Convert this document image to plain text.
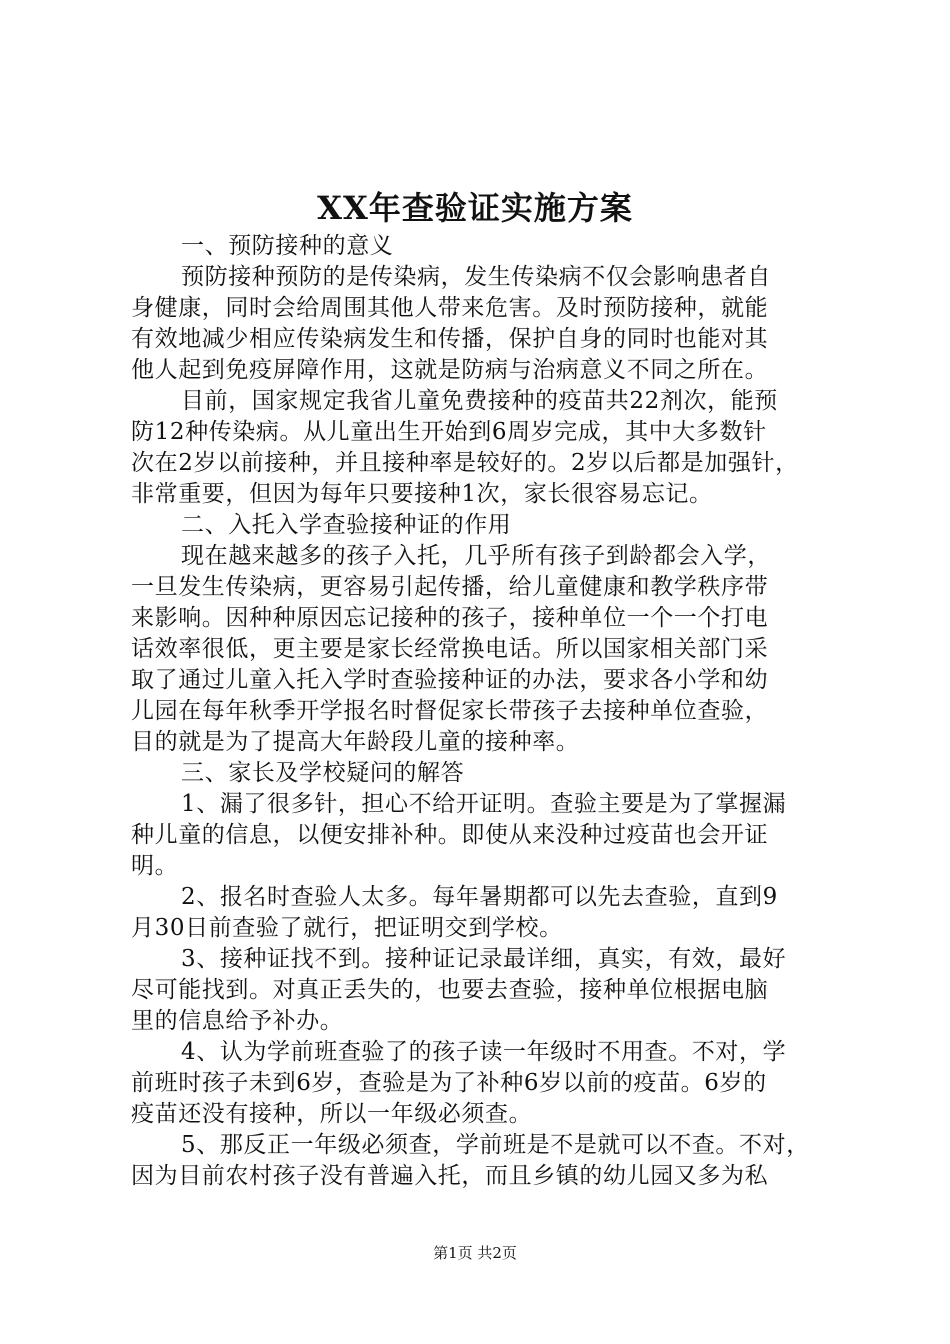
XX年查验证实施方案
一、预防接种的意义
预防接种预防的是传染病，发生传染病不仅会影响患者自
身健康，同时会给周围其他人带来危害。及时预防接种，就能
有效地减少相应传染病发生和传播，保护自身的同时也能对其
他人起到免疫屏障作用，这就是防病与治病意义不同之所在。
目前，国家规定我省儿童免费接种的疫苗共22剂次，能预
防12种传染病。从儿童出生开始到6周岁完成，其中大多数针
次在2岁以前接种，并且接种率是较好的。2岁以后都是加强针，
非常重要，但因为每年只要接种1次，家长很容易忘记。
二、入托入学查验接种证的作用
现在越来越多的孩子入托，几乎所有孩子到龄都会入学，
一旦发生传染病，更容易引起传播，给儿童健康和教学秩序带
来影响。因种种原因忘记接种的孩子，接种单位一个一个打电
话效率很低，更主要是家长经常换电话。所以国家相关部门采
取了通过儿童入托入学时查验接种证的办法，要求各小学和幼
儿园在每年秋季开学报名时督促家长带孩子去接种单位查验，
目的就是为了提高大年龄段儿童的接种率。
三、家长及学校疑问的解答
1、漏了很多针，担心不给开证明。查验主要是为了掌握漏
种儿童的信息，以便安排补种。即使从来没种过疫苗也会开证
明。
2、报名时查验人太多。每年暑期都可以先去查验，直到9
月30日前查验了就行，把证明交到学校。
3、接种证找不到。接种证记录最详细，真实，有效，最好
尽可能找到。对真正丢失的，也要去查验，接种单位根据电脑
里的信息给予补办。
4、认为学前班查验了的孩子读一年级时不用查。不对，学
前班时孩子未到6岁，查验是为了补种6岁以前的疫苗。6岁的
疫苗还没有接种，所以一年级必须查。
5、那反正一年级必须查，学前班是不是就可以不查。不对，
因为目前农村孩子没有普遍入托，而且乡镇的幼儿园又多为私
第1页 共2页
